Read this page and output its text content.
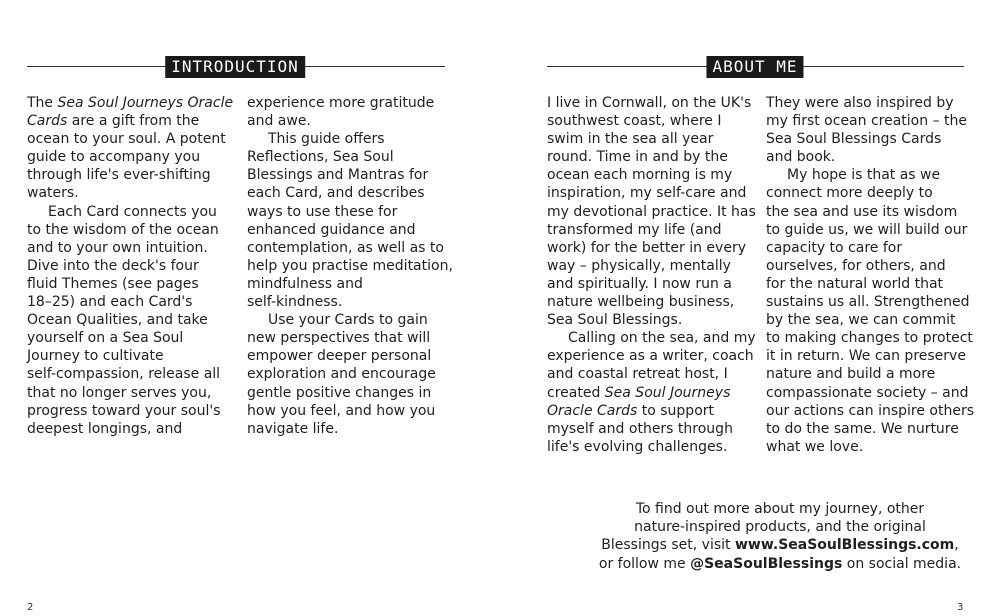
INTRODUCTION

The Sea Soul Journeys Oracle
Cards are a gift from the
ocean to your soul. A potent
guide to accompany you
through life's ever-shifting
waters.

Each Card connects you
to the wisdom of the ocean
and to your own intuition.
Dive into the deck's four
fluid Themes (see pages
18–25) and each Card's
Ocean Qualities, and take
yourself on a Sea Soul
Journey to cultivate
self-compassion, release all
that no longer serves you,
progress toward your soul's
deepest longings, and

experience more gratitude
and awe.

This guide offers
Reflections, Sea Soul
Blessings and Mantras for
each Card, and describes
ways to use these for
enhanced guidance and
contemplation, as well as to
help you practise meditation,
mindfulness and
self-kindness.

Use your Cards to gain
new perspectives that will
empower deeper personal
exploration and encourage
gentle positive changes in
how you feel, and how you
navigate life.

2
ABOUT ME

I live in Cornwall, on the UK's
southwest coast, where I
swim in the sea all year
round. Time in and by the
ocean each morning is my
inspiration, my self-care and
my devotional practice. It has
transformed my life (and
work) for the better in every
way – physically, mentally
and spiritually. I now run a
nature wellbeing business,
Sea Soul Blessings.

Calling on the sea, and my
experience as a writer, coach
and coastal retreat host, I
created Sea Soul Journeys
Oracle Cards to support
myself and others through
life's evolving challenges.

They were also inspired by
my first ocean creation – the
Sea Soul Blessings Cards
and book.

My hope is that as we
connect more deeply to
the sea and use its wisdom
to guide us, we will build our
capacity to care for
ourselves, for others, and
for the natural world that
sustains us all. Strengthened
by the sea, we can commit
to making changes to protect
it in return. We can preserve
nature and build a more
compassionate society – and
our actions can inspire others
to do the same. We nurture
what we love.

To find out more about my journey, other
nature-inspired products, and the original
Blessings set, visit www.SeaSoulBlessings.com,
or follow me @SeaSoulBlessings on social media.
3
